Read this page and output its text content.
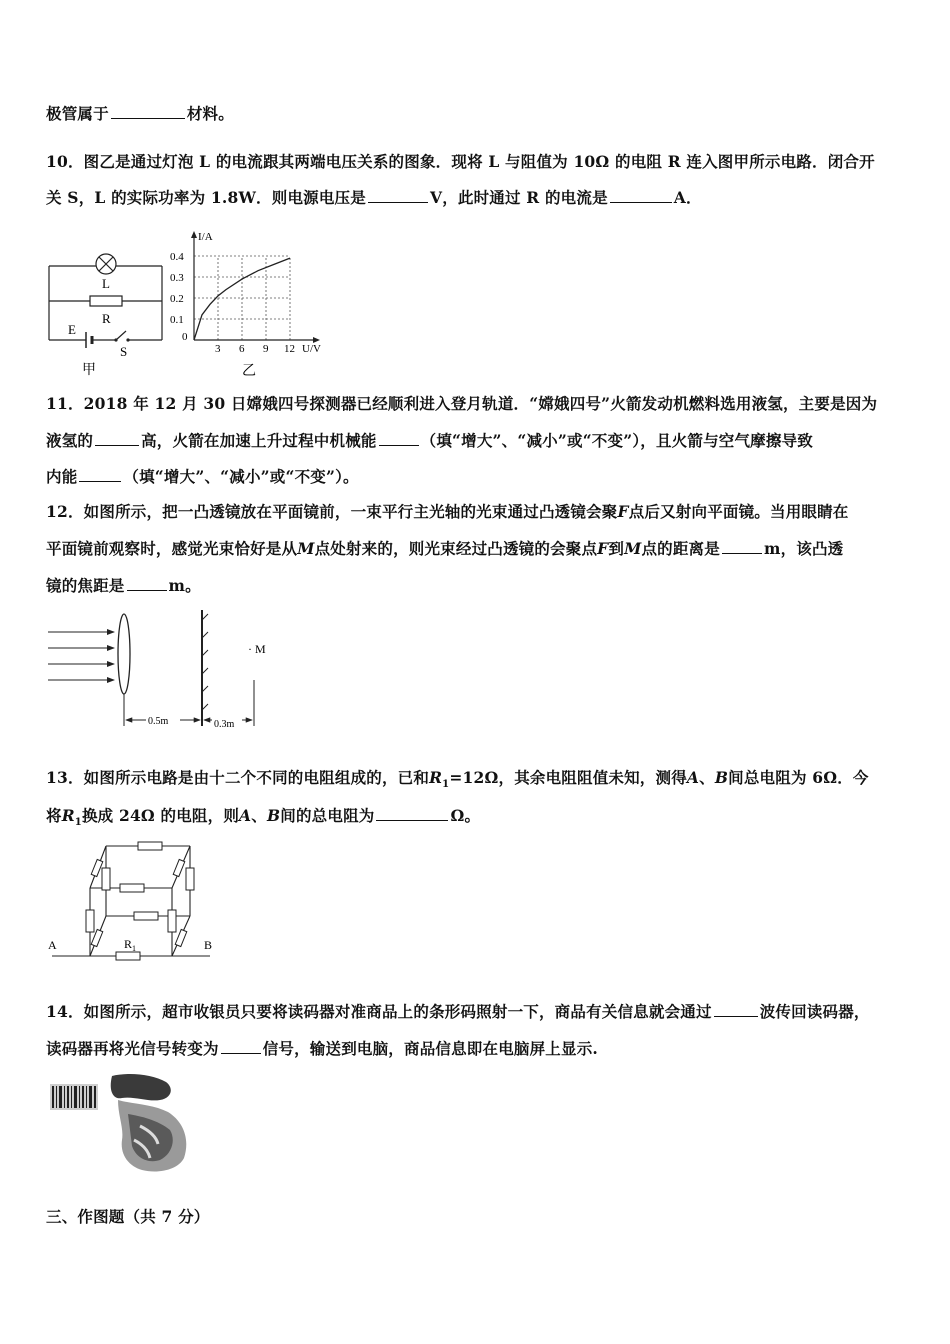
极管属于	材料。
10．图乙是通过灯泡 L 的电流跟其两端电压关系的图象．现将 L 与阻值为 10Ω 的电阻 R 连入图甲所示电路．闭合开
关 S，L 的实际功率为 1.8W．则电源电压是	V，此时通过 R 的电流是	A．
L
R
E
S
甲
I/A
U/V
0
3 6 9 12
0.1
0.2
0.3
0.4
乙
11．2018 年 12 月 30 日嫦娥四号探测器已经顺利进入登月轨道．“嫦娥四号”火箭发动机燃料选用液氢，主要是因为
液氢的	高，火箭在加速上升过程中机械能	（填“增大”、“减小”或“不变”），且火箭与空气摩擦导致
内能	（填“增大”、“减小”或“不变”）。
12．如图所示，把一凸透镜放在平面镜前，一束平行主光轴的光束通过凸透镜会聚F点后又射向平面镜。当用眼睛在
平面镜前观察时，感觉光束恰好是从M点处射来的，则光束经过凸透镜的会聚点F到M点的距离是	m，该凸透
镜的焦距是	m。
· M
0.5m	0.3m
13．如图所示电路是由十二个不同的电阻组成的，已和$R_1=12\Omega$，其余电阻阻值未知，测得A、B间总电阻为 6Ω．今
将$R_1$换成 24Ω 的电阻，则A、B间的总电阻为	Ω。
A	B
$R_1$
14．如图所示，超市收银员只要将读码器对准商品上的条形码照射一下，商品有关信息就会通过	波传回读码器，
读码器再将光信号转变为	信号，输送到电脑，商品信息即在电脑屏上显示.
三、作图题（共 7 分）
